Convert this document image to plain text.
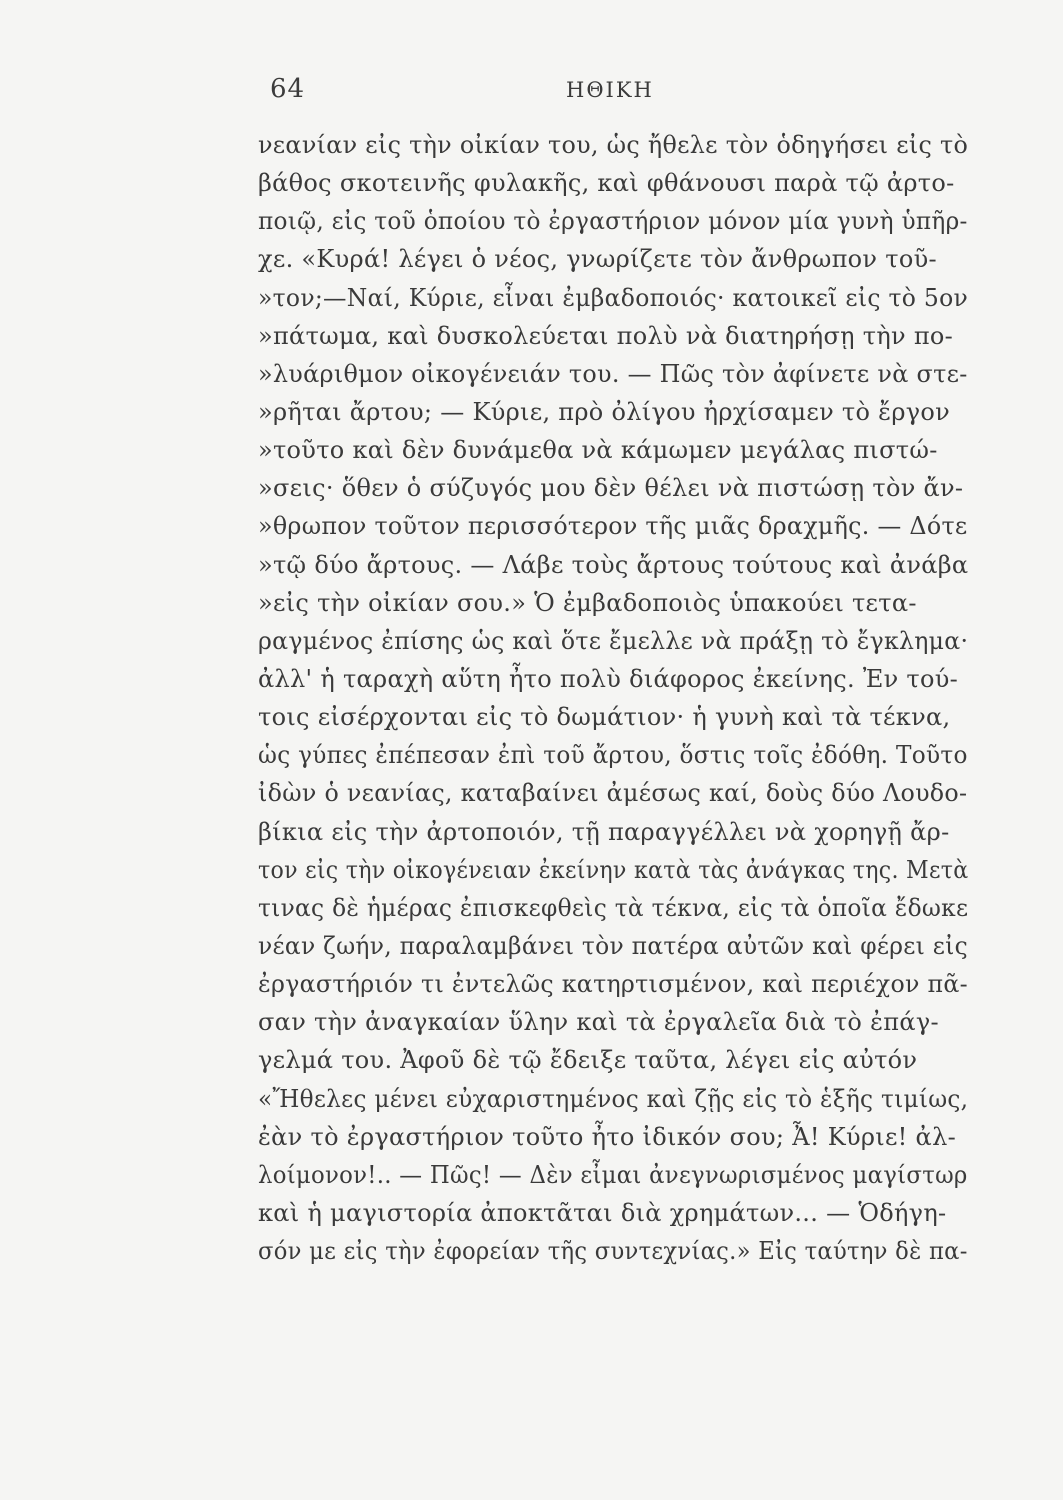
64	ΗΘΙΚΗ
νεανίαν εἰς τὴν οἰκίαν του, ὡς ἤθελε τὸν ὁδηγήσει εἰς τὸ
βάθος σκοτεινῆς φυλακῆς, καὶ φθάνουσι παρὰ τῷ ἀρτο-
ποιῷ, εἰς τοῦ ὁποίου τὸ ἐργαστήριον μόνον μία γυνὴ ὑπῆρ-
χε. «Κυρά! λέγει ὁ νέος, γνωρίζετε τὸν ἄνθρωπον τοῦ-
»τον;—Ναί, Κύριε, εἶναι ἐμβαδοποιός· κατοικεῖ εἰς τὸ 5ον
»πάτωμα, καὶ δυσκολεύεται πολὺ νὰ διατηρήσῃ τὴν πο-
»λυάριθμον οἰκογένειάν του. — Πῶς τὸν ἀφίνετε νὰ στε-
»ρῆται ἄρτου; — Κύριε, πρὸ ὀλίγου ἠρχίσαμεν τὸ ἔργον
»τοῦτο καὶ δὲν δυνάμεθα νὰ κάμωμεν μεγάλας πιστώ-
»σεις· ὅθεν ὁ σύζυγός μου δὲν θέλει νὰ πιστώσῃ τὸν ἄν-
»θρωπον τοῦτον περισσότερον τῆς μιᾶς δραχμῆς. — Δότε
»τῷ δύο ἄρτους. — Λάβε τοὺς ἄρτους τούτους καὶ ἀνάβα
»εἰς τὴν οἰκίαν σου.» Ὁ ἐμβαδοποιὸς ὑπακούει τετα-
ραγμένος ἐπίσης ὡς καὶ ὅτε ἔμελλε νὰ πράξῃ τὸ ἔγκλημα·
ἀλλ' ἡ ταραχὴ αὕτη ἦτο πολὺ διάφορος ἐκείνης. Ἐν τού-
τοις εἰσέρχονται εἰς τὸ δωμάτιον· ἡ γυνὴ καὶ τὰ τέκνα,
ὡς γύπες ἐπέπεσαν ἐπὶ τοῦ ἄρτου, ὅστις τοῖς ἐδόθη. Τοῦτο
ἰδὼν ὁ νεανίας, καταβαίνει ἀμέσως καί, δοὺς δύο Λουδο-
βίκια εἰς τὴν ἀρτοποιόν, τῇ παραγγέλλει νὰ χορηγῇ ἄρ-
τον εἰς τὴν οἰκογένειαν ἐκείνην κατὰ τὰς ἀνάγκας της. Μετὰ
τινας δὲ ἡμέρας ἐπισκεφθεὶς τὰ τέκνα, εἰς τὰ ὁποῖα ἔδωκε
νέαν ζωήν, παραλαμβάνει τὸν πατέρα αὐτῶν καὶ φέρει εἰς
ἐργαστήριόν τι ἐντελῶς κατηρτισμένον, καὶ περιέχον πᾶ-
σαν τὴν ἀναγκαίαν ὕλην καὶ τὰ ἐργαλεῖα διὰ τὸ ἐπάγ-
γελμά του. Ἀφοῦ δὲ τῷ ἔδειξε ταῦτα, λέγει εἰς αὐτόν
«Ἤθελες μένει εὐχαριστημένος καὶ ζῇς εἰς τὸ ἑξῆς τιμίως,
ἐὰν τὸ ἐργαστήριον τοῦτο ἦτο ἰδικόν σου; Ἆ! Κύριε! ἀλ-
λοίμονον!.. — Πῶς! — Δὲν εἶμαι ἀνεγνωρισμένος μαγίστωρ
καὶ ἡ μαγιστορία ἀποκτᾶται διὰ χρημάτων... — Ὁδήγη-
σόν με εἰς τὴν ἐφορείαν τῆς συντεχνίας.» Εἰς ταύτην δὲ πα-
